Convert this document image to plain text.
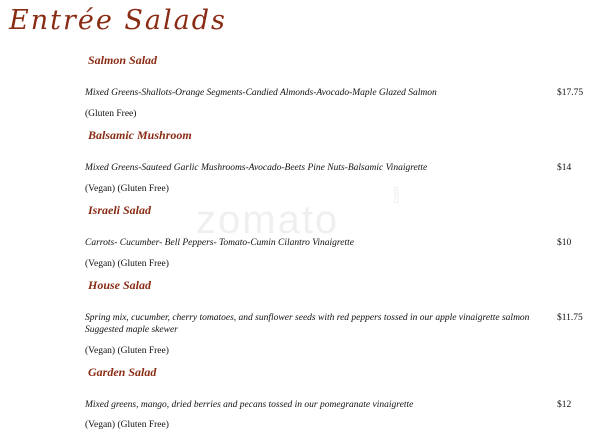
Entrée Salads
zomato
.com
Salmon Salad
Mixed Greens-Shallots-Orange Segments-Candied Almonds-Avocado-Maple Glazed Salmon	$17.75
(Gluten Free)
Balsamic Mushroom
Mixed Greens-Sauteed Garlic Mushrooms-Avocado-Beets Pine Nuts-Balsamic Vinaigrette	$14
(Vegan) (Gluten Free)
Israeli Salad
Carrots- Cucumber- Bell Peppers- Tomato-Cumin Cilantro Vinaigrette	$10
(Vegan) (Gluten Free)
House Salad
Spring mix, cucumber, cherry tomatoes, and sunflower seeds with red peppers tossed in our apple vinaigrette salmon Suggested maple skewer
$11.75
(Vegan) (Gluten Free)
Garden Salad
Mixed greens, mango, dried berries and pecans tossed in our pomegranate vinaigrette	$12
(Vegan) (Gluten Free)
